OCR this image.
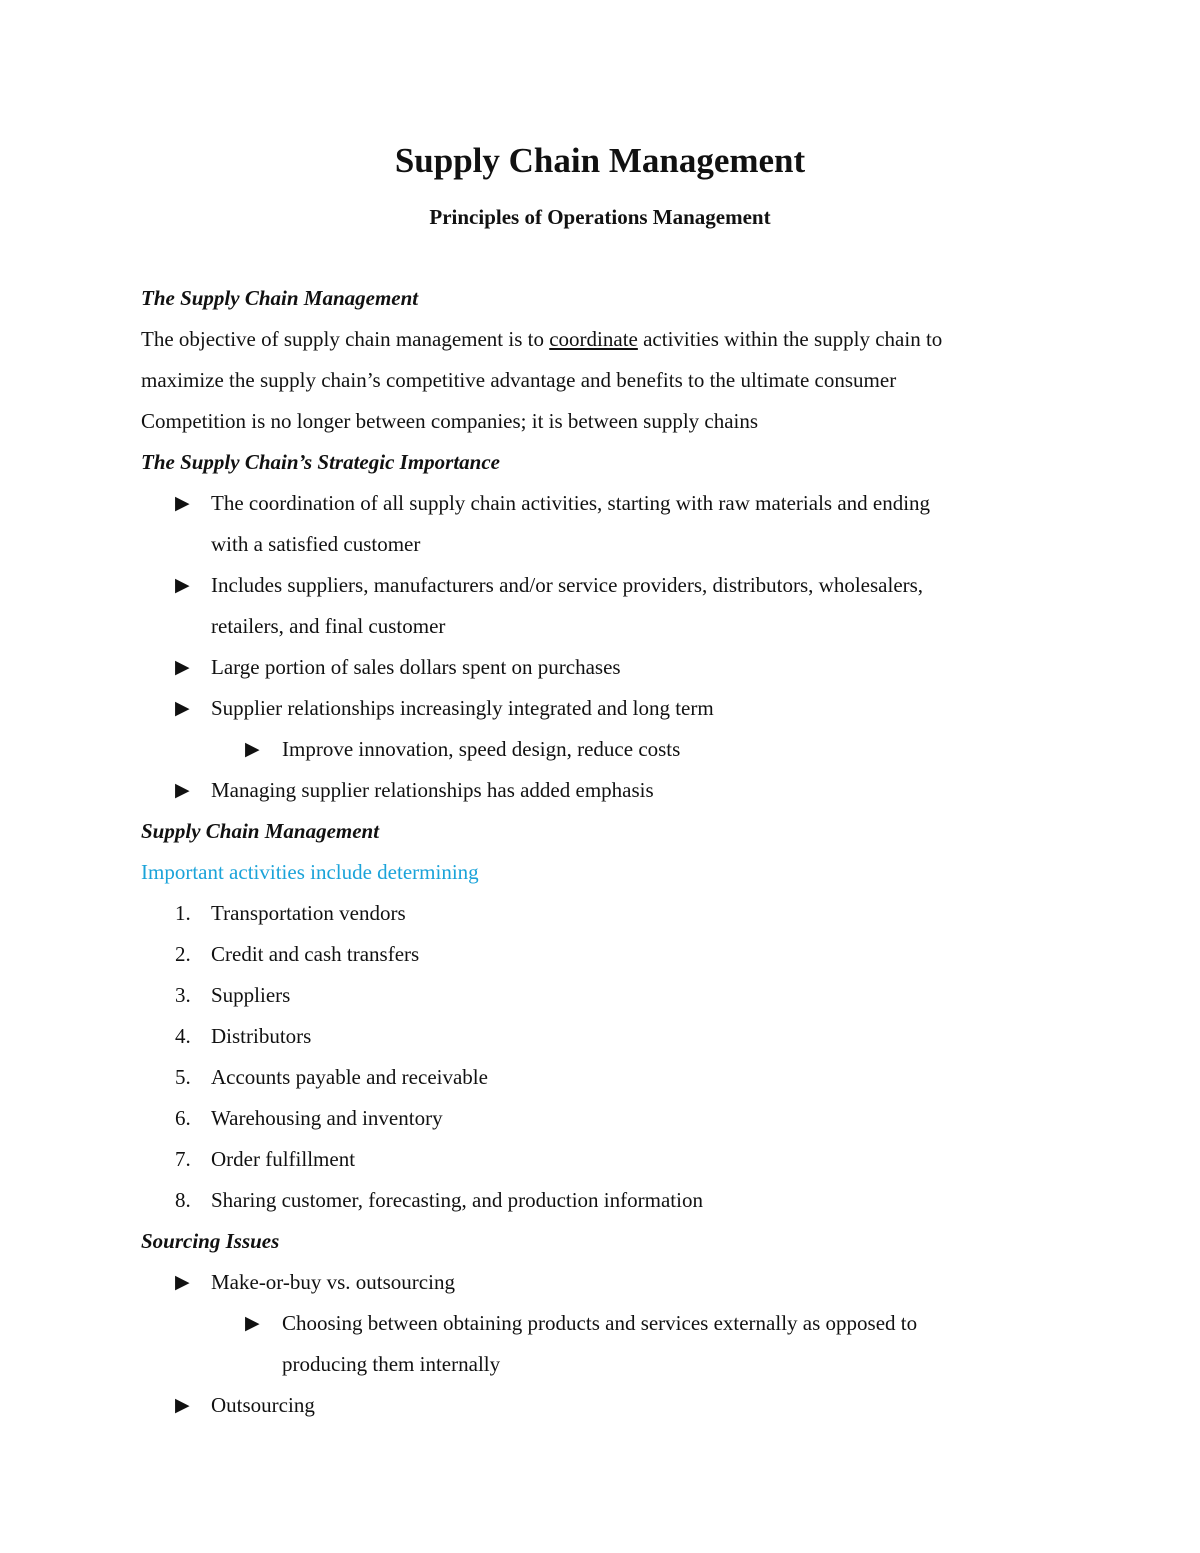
Supply Chain Management
Principles of Operations Management
The Supply Chain Management
The objective of supply chain management is to coordinate activities within the supply chain to
maximize the supply chain’s competitive advantage and benefits to the ultimate consumer
Competition is no longer between companies; it is between supply chains
The Supply Chain’s Strategic Importance
▶ The coordination of all supply chain activities, starting with raw materials and ending
with a satisfied customer
▶ Includes suppliers, manufacturers and/or service providers, distributors, wholesalers,
retailers, and final customer
▶ Large portion of sales dollars spent on purchases
▶ Supplier relationships increasingly integrated and long term
▶ Improve innovation, speed design, reduce costs
▶ Managing supplier relationships has added emphasis
Supply Chain Management
Important activities include determining
1. Transportation vendors
2. Credit and cash transfers
3. Suppliers
4. Distributors
5. Accounts payable and receivable
6. Warehousing and inventory
7. Order fulfillment
8. Sharing customer, forecasting, and production information
Sourcing Issues
▶ Make-or-buy vs. outsourcing
▶ Choosing between obtaining products and services externally as opposed to
producing them internally
▶ Outsourcing
